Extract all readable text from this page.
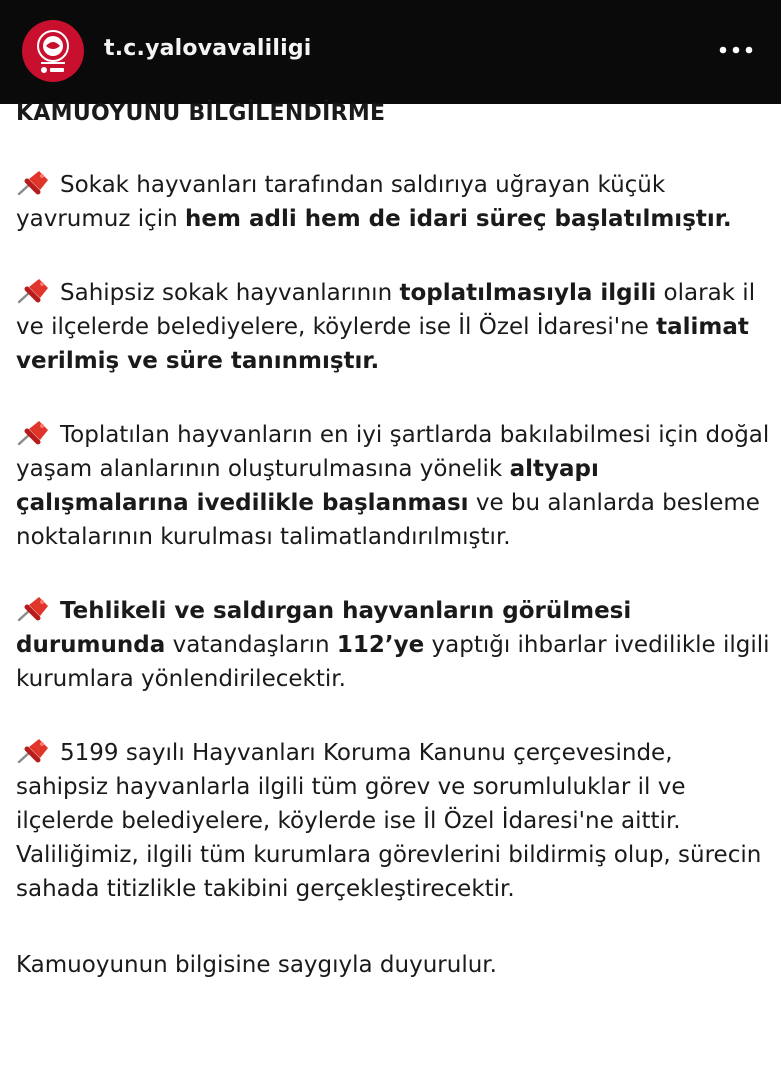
t.c.yalovavaliligi
KAMUOYUNU BİLGİLENDİRME
Sokak hayvanları tarafından saldırıya uğrayan küçük yavrumuz için hem adli hem de idari süreç başlatılmıştır.
Sahipsiz sokak hayvanlarının toplatılmasıyla ilgili olarak il ve ilçelerde belediyelere, köylerde ise İl Özel İdaresi'ne talimat verilmiş ve süre tanınmıştır.
Toplatılan hayvanların en iyi şartlarda bakılabilmesi için doğal yaşam alanlarının oluşturulmasına yönelik altyapı çalışmalarına ivedilikle başlanması ve bu alanlarda besleme noktalarının kurulması talimatlandırılmıştır.
Tehlikeli ve saldırgan hayvanların görülmesi durumunda vatandaşların 112’ye yaptığı ihbarlar ivedilikle ilgili kurumlara yönlendirilecektir.
5199 sayılı Hayvanları Koruma Kanunu çerçevesinde, sahipsiz hayvanlarla ilgili tüm görev ve sorumluluklar il ve ilçelerde belediyelere, köylerde ise İl Özel İdaresi'ne aittir. Valiliğimiz, ilgili tüm kurumlara görevlerini bildirmiş olup, sürecin sahada titizlikle takibini gerçekleştirecektir.
Kamuoyunun bilgisine saygıyla duyurulur.
